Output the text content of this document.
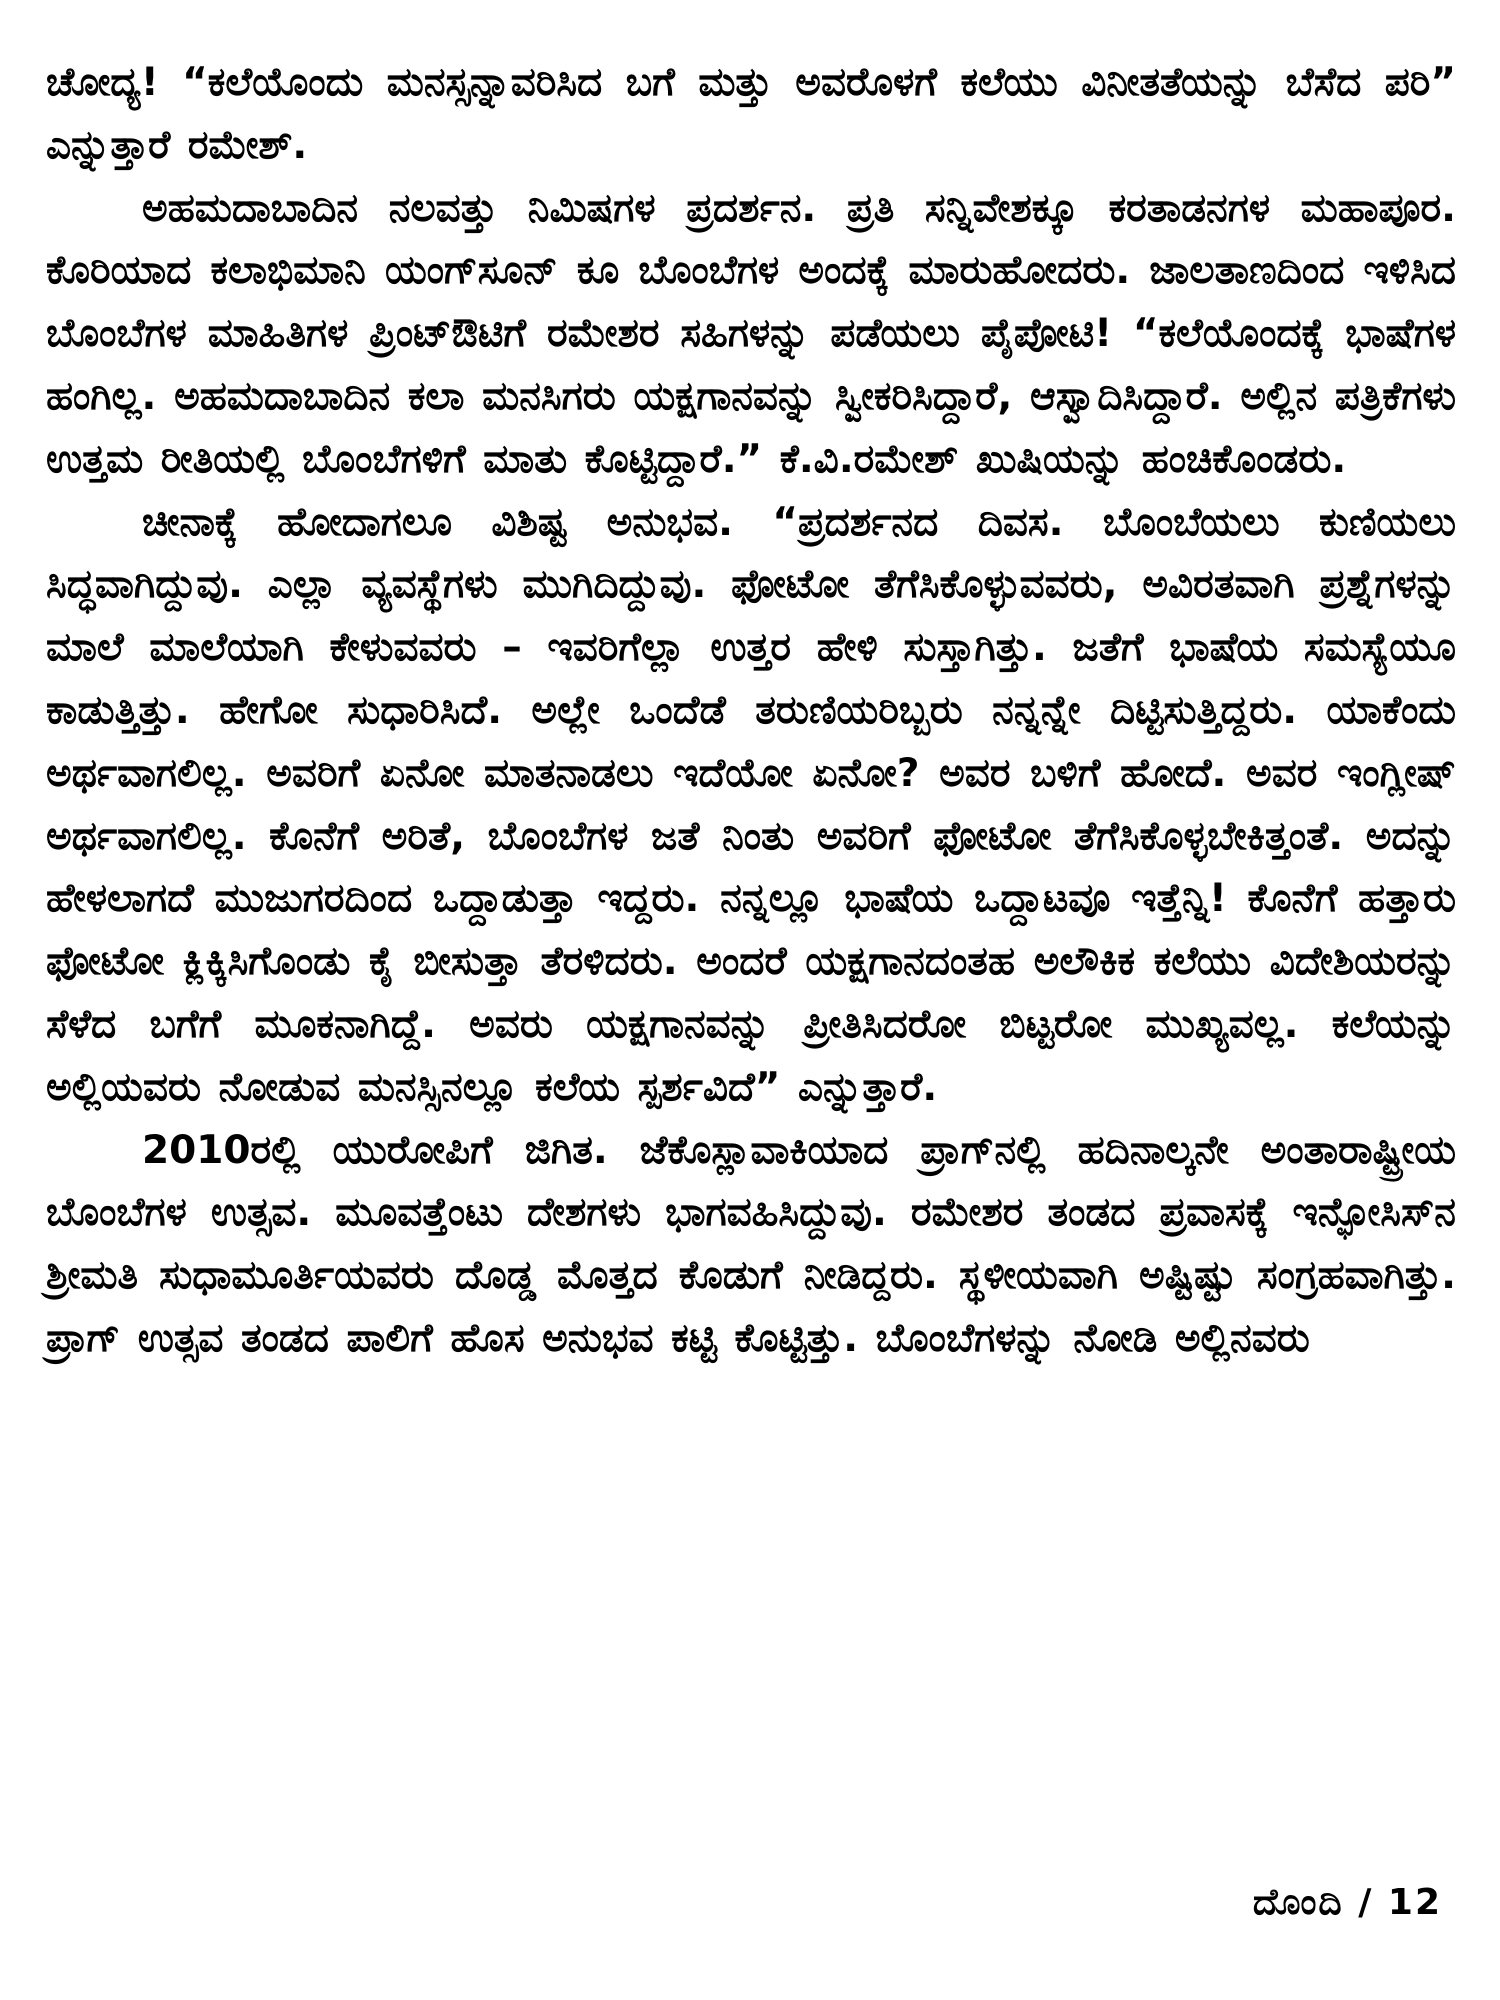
ಚೋದ್ಯ! “ಕಲೆಯೊಂದು ಮನಸ್ಸನ್ನಾವರಿಸಿದ ಬಗೆ ಮತ್ತು ಅವರೊಳಗೆ ಕಲೆಯು ವಿನೀತತೆಯನ್ನು ಬೆಸೆದ ಪರಿ” ಎನ್ನುತ್ತಾರೆ ರಮೇಶ್.

ಅಹಮದಾಬಾದಿನ ನಲವತ್ತು ನಿಮಿಷಗಳ ಪ್ರದರ್ಶನ. ಪ್ರತಿ ಸನ್ನಿವೇಶಕ್ಕೂ ಕರತಾಡನಗಳ ಮಹಾಪೂರ. ಕೊರಿಯಾದ ಕಲಾಭಿಮಾನಿ ಯಂಗ್‌ಸೂನ್ ಕೂ ಬೊಂಬೆಗಳ ಅಂದಕ್ಕೆ ಮಾರುಹೋದರು. ಜಾಲತಾಣದಿಂದ ಇಳಿಸಿದ ಬೊಂಬೆಗಳ ಮಾಹಿತಿಗಳ ಪ್ರಿಂಟ್‌ಔಟಿಗೆ ರಮೇಶರ ಸಹಿಗಳನ್ನು ಪಡೆಯಲು ಪೈಪೋಟಿ! “ಕಲೆಯೊಂದಕ್ಕೆ ಭಾಷೆಗಳ ಹಂಗಿಲ್ಲ. ಅಹಮದಾಬಾದಿನ ಕಲಾ ಮನಸಿಗರು ಯಕ್ಷಗಾನವನ್ನು ಸ್ವೀಕರಿಸಿದ್ದಾರೆ, ಆಸ್ವಾದಿಸಿದ್ದಾರೆ. ಅಲ್ಲಿನ ಪತ್ರಿಕೆಗಳು ಉತ್ತಮ ರೀತಿಯಲ್ಲಿ ಬೊಂಬೆಗಳಿಗೆ ಮಾತು ಕೊಟ್ಟಿದ್ದಾರೆ.” ಕೆ.ವಿ.ರಮೇಶ್ ಖುಷಿಯನ್ನು ಹಂಚಿಕೊಂಡರು.

ಚೀನಾಕ್ಕೆ ಹೋದಾಗಲೂ ವಿಶಿಷ್ಟ ಅನುಭವ. “ಪ್ರದರ್ಶನದ ದಿವಸ. ಬೊಂಬೆಯಲು ಕುಣಿಯಲು ಸಿದ್ಧವಾಗಿದ್ದುವು. ಎಲ್ಲಾ ವ್ಯವಸ್ಥೆಗಳು ಮುಗಿದಿದ್ದುವು. ಫೋಟೋ ತೆಗೆಸಿಕೊಳ್ಳುವವರು, ಅವಿರತವಾಗಿ ಪ್ರಶ್ನೆಗಳನ್ನು ಮಾಲೆ ಮಾಲೆಯಾಗಿ ಕೇಳುವವರು – ಇವರಿಗೆಲ್ಲಾ ಉತ್ತರ ಹೇಳಿ ಸುಸ್ತಾಗಿತ್ತು. ಜತೆಗೆ ಭಾಷೆಯ ಸಮಸ್ಯೆಯೂ ಕಾಡುತ್ತಿತ್ತು. ಹೇಗೋ ಸುಧಾರಿಸಿದೆ. ಅಲ್ಲೇ ಒಂದೆಡೆ ತರುಣಿಯರಿಬ್ಬರು ನನ್ನನ್ನೇ ದಿಟ್ಟಿಸುತ್ತಿದ್ದರು. ಯಾಕೆಂದು ಅರ್ಥವಾಗಲಿಲ್ಲ. ಅವರಿಗೆ ಏನೋ ಮಾತನಾಡಲು ಇದೆಯೋ ಏನೋ? ಅವರ ಬಳಿಗೆ ಹೋದೆ. ಅವರ ಇಂಗ್ಲೀಷ್ ಅರ್ಥವಾಗಲಿಲ್ಲ. ಕೊನೆಗೆ ಅರಿತೆ, ಬೊಂಬೆಗಳ ಜತೆ ನಿಂತು ಅವರಿಗೆ ಫೋಟೋ ತೆಗೆಸಿಕೊಳ್ಳಬೇಕಿತ್ತಂತೆ. ಅದನ್ನು ಹೇಳಲಾಗದೆ ಮುಜುಗರದಿಂದ ಒದ್ದಾಡುತ್ತಾ ಇದ್ದರು. ನನ್ನಲ್ಲೂ ಭಾಷೆಯ ಒದ್ದಾಟವೂ ಇತ್ತೆನ್ನಿ! ಕೊನೆಗೆ ಹತ್ತಾರು ಫೋಟೋ ಕ್ಲಿಕ್ಕಿಸಿಗೊಂಡು ಕೈ ಬೀಸುತ್ತಾ ತೆರಳಿದರು. ಅಂದರೆ ಯಕ್ಷಗಾನದಂತಹ ಅಲೌಕಿಕ ಕಲೆಯು ವಿದೇಶಿಯರನ್ನು ಸೆಳೆದ ಬಗೆಗೆ ಮೂಕನಾಗಿದ್ದೆ. ಅವರು ಯಕ್ಷಗಾನವನ್ನು ಪ್ರೀತಿಸಿದರೋ ಬಿಟ್ಟರೋ ಮುಖ್ಯವಲ್ಲ. ಕಲೆಯನ್ನು ಅಲ್ಲಿಯವರು ನೋಡುವ ಮನಸ್ಸಿನಲ್ಲೂ ಕಲೆಯ ಸ್ಪರ್ಶವಿದೆ” ಎನ್ನುತ್ತಾರೆ.

2010ರಲ್ಲಿ ಯುರೋಪಿಗೆ ಜಿಗಿತ. ಜೆಕೊಸ್ಲಾವಾಕಿಯಾದ ಪ್ರಾಗ್‌ನಲ್ಲಿ ಹದಿನಾಲ್ಕನೇ ಅಂತಾರಾಷ್ಟ್ರೀಯ ಬೊಂಬೆಗಳ ಉತ್ಸವ. ಮೂವತ್ತೆಂಟು ದೇಶಗಳು ಭಾಗವಹಿಸಿದ್ದುವು. ರಮೇಶರ ತಂಡದ ಪ್ರವಾಸಕ್ಕೆ ಇನ್ಫೋಸಿಸ್‌ನ ಶ್ರೀಮತಿ ಸುಧಾಮೂರ್ತಿಯವರು ದೊಡ್ಡ ಮೊತ್ತದ ಕೊಡುಗೆ ನೀಡಿದ್ದರು. ಸ್ಥಳೀಯವಾಗಿ ಅಷ್ಟಿಷ್ಟು ಸಂಗ್ರಹವಾಗಿತ್ತು. ಪ್ರಾಗ್ ಉತ್ಸವ ತಂಡದ ಪಾಲಿಗೆ ಹೊಸ ಅನುಭವ ಕಟ್ಟಿ ಕೊಟ್ಟಿತ್ತು. ಬೊಂಬೆಗಳನ್ನು ನೋಡಿ ಅಲ್ಲಿನವರು

ದೊಂದಿ / 12
